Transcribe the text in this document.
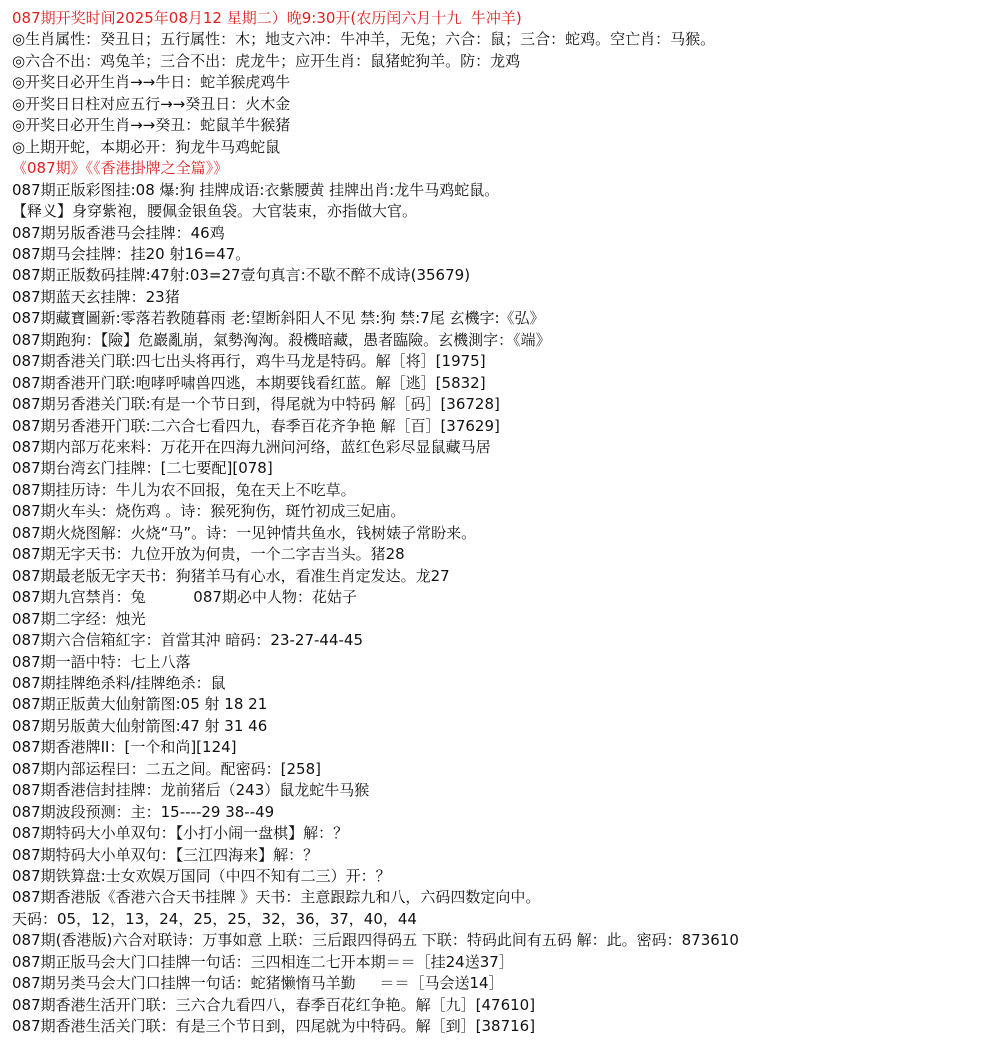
087期开奖时间2025年08月12 星期二）晚9:30开(农历闰六月十九  牛冲羊)
◎生肖属性：癸丑日；五行属性：木；地支六冲：牛冲羊，无兔；六合：鼠；三合：蛇鸡。空亡肖：马猴。
◎六合不出：鸡兔羊；三合不出：虎龙牛；应开生肖：鼠猪蛇狗羊。防：龙鸡
◎开奖日必开生肖→→牛日：蛇羊猴虎鸡牛
◎开奖日日柱对应五行→→癸丑日：火木金
◎开奖日必开生肖→→癸丑：蛇鼠羊牛猴猪
◎上期开蛇，本期必开：狗龙牛马鸡蛇鼠
《087期》《《香港掛牌之全篇》》
087期正版彩图挂:08 爆:狗 挂牌成语:衣紫腰黄 挂牌出肖:龙牛马鸡蛇鼠。
【释义】身穿紫袍，腰佩金银鱼袋。大官装束，亦指做大官。
087期另版香港马会挂牌：46鸡
087期马会挂牌：挂20 射16=47。
087期正版数码挂牌:47射:03=27壹句真言:不歇不醉不成诗(35679)
087期蓝天玄挂牌：23猪
087期藏寶圖新:零落若教随暮雨 老:望断斜阳人不见 禁:狗 禁:7尾 玄機字:《弘》
087期跑狗：【險】危巖亂崩，氣勢洶洶。殺機暗藏，愚者臨險。玄機測字：《端》
087期香港关门联:四七出头将再行，鸡牛马龙是特码。解［将］[1975]
087期香港开门联:咆哮呼啸兽四逃，本期要钱看红蓝。解［逃］[5832]
087期另香港关门联:有是一个节日到，得尾就为中特码 解［码］[36728]
087期另香港开门联:二六合七看四九，春季百花齐争艳 解［百］[37629]
087期内部万花来料：万花开在四海九洲问河络，蓝红色彩尽显鼠藏马居
087期台湾玄门挂牌：[二七要配][078]
087期挂历诗：牛儿为农不回报，兔在天上不吃草。
087期火车头：烧伤鸡 。诗：猴死狗伤，斑竹初成三妃庙。
087期火烧图解：火烧“马”。诗：一见钟情共鱼水，钱树婊子常盼来。
087期无字天书：九位开放为何贵，一个二字吉当头。猪28
087期最老版无字天书：狗猪羊马有心水，看准生肖定发达。龙27
087期九宫禁肖：兔          087期必中人物：花姑子
087期二字经：烛光
087期六合信箱紅字：首當其沖 暗码：23-27-44-45
087期一語中特：七上八落
087期挂牌绝杀料/挂牌绝杀：鼠
087期正版黄大仙射箭图:05 射 18 21
087期另版黄大仙射箭图:47 射 31 46
087期香港牌II：[一个和尚][124]
087期内部运程曰：二五之间。配密码：[258]
087期香港信封挂牌：龙前猪后（243）鼠龙蛇牛马猴
087期波段预测：主：15----29 38--49
087期特码大小单双句：【小打小闹一盘棋】解：？
087期特码大小单双句：【三江四海来】解：？
087期铁算盘:士女欢娱万国同（中四不知有二三）开：？
087期香港版《香港六合天书挂牌 》天书：主意跟踪九和八，六码四数定向中。
天码：05，12，13，24，25，25，32，36，37，40，44
087期(香港版)六合对联诗：万事如意 上联：三后跟四得码五 下联：特码此间有五码 解：此。密码：873610
087期正版马会大门口挂牌一句话：三四相连二七开本期＝＝［挂24送37］
087期另类马会大门口挂牌一句话：蛇猪懒惰马羊勤     ＝＝［马会送14］
087期香港生活开门联：三六合九看四八，春季百花红争艳。解［九］[47610]
087期香港生活关门联：有是三个节日到，四尾就为中特码。解［到］[38716]
